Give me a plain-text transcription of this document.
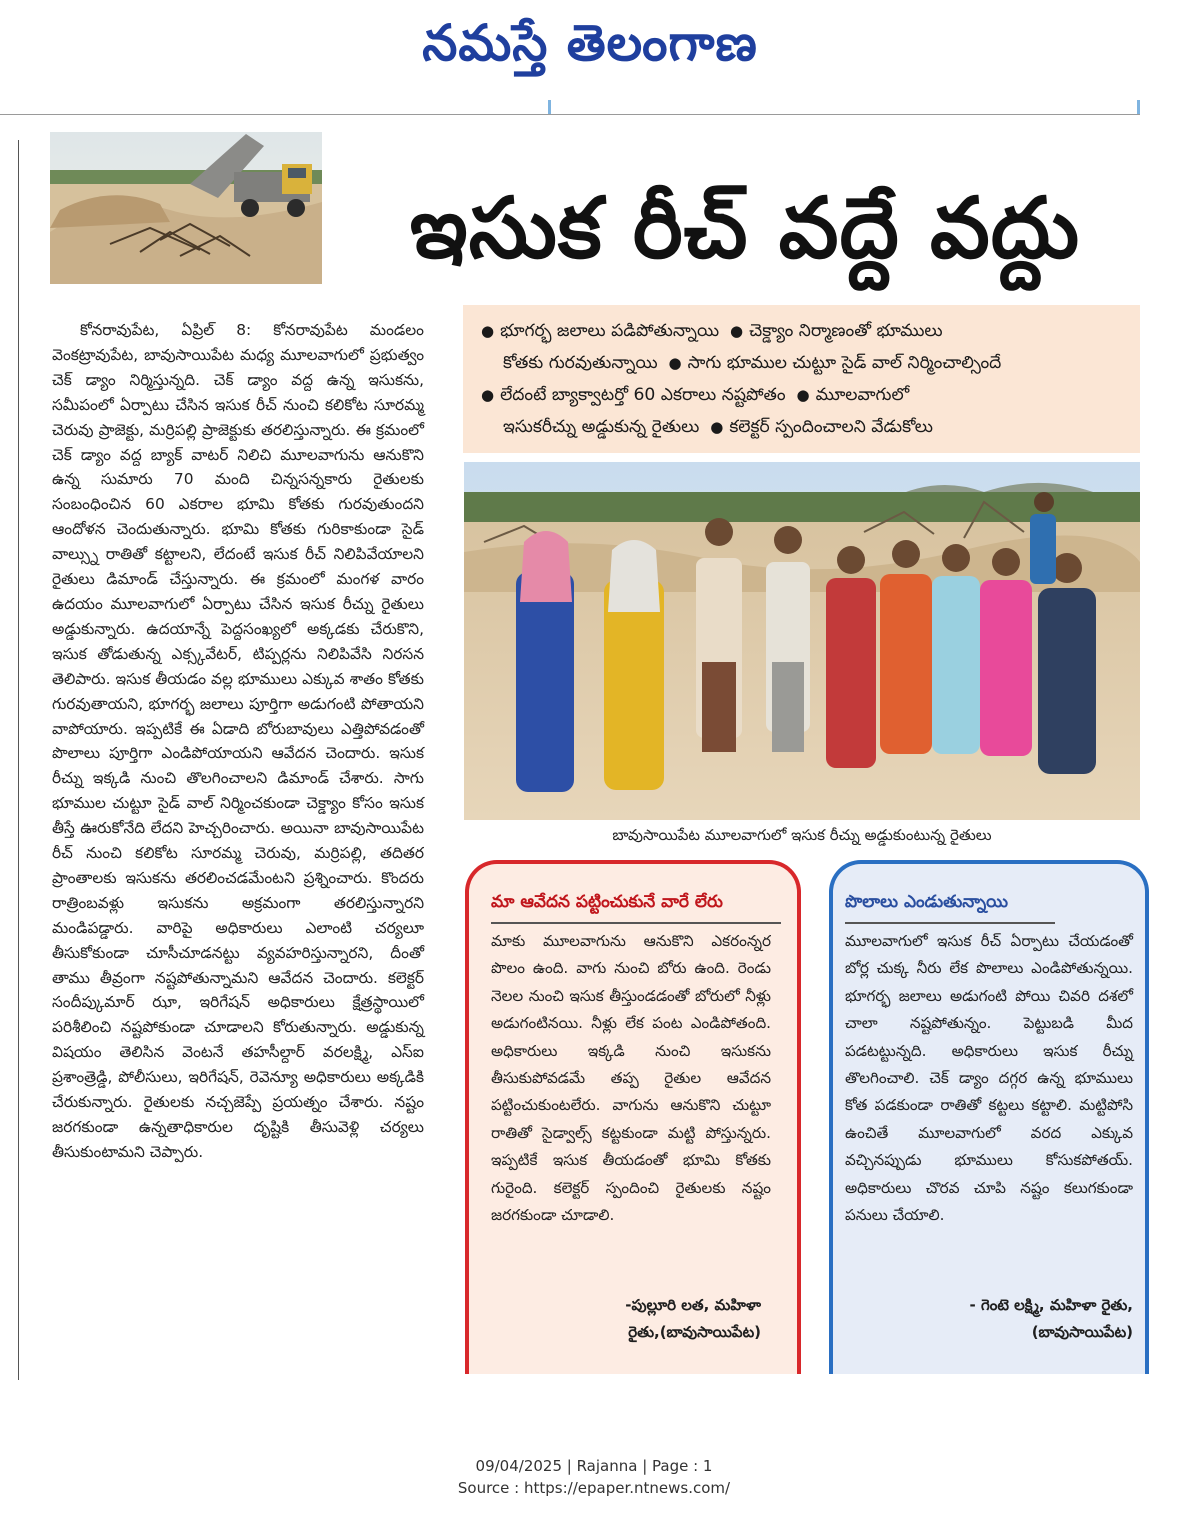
నమస్తే తెలంగాణ
ఇసుక రీచ్ వద్దే వద్దు

కోనరావుపేట, ఏప్రిల్ 8: కోనరావుపేట మండలం వెంకట్రావుపేట, బావుసాయిపేట మధ్య మూలవాగులో ప్రభుత్వం చెక్ డ్యాం నిర్మిస్తున్నది. చెక్ డ్యాం వద్ద ఉన్న ఇసుకను, సమీపంలో ఏర్పాటు చేసిన ఇసుక రీచ్ నుంచి కలికోట సూరమ్మ చెరువు ప్రాజెక్టు, మర్రిపల్లి ప్రాజెక్టుకు తరలిస్తున్నారు. ఈ క్రమంలో చెక్ డ్యాం వద్ద బ్యాక్ వాటర్ నిలిచి మూలవాగును ఆనుకొని ఉన్న సుమారు 70 మంది చిన్నసన్నకారు రైతులకు సంబంధించిన 60 ఎకరాల భూమి కోతకు గురవుతుందని ఆందోళన చెందుతున్నారు. భూమి కోతకు గురికాకుండా సైడ్ వాల్స్ను రాతితో కట్టాలని, లేదంటే ఇసుక రీచ్ నిలిపివేయాలని రైతులు డిమాండ్ చేస్తున్నారు. ఈ క్రమంలో మంగళ వారం ఉదయం మూలవాగులో ఏర్పాటు చేసిన ఇసుక రీచ్ను రైతులు అడ్డుకున్నారు. ఉదయాన్నే పెద్దసంఖ్యలో అక్కడకు చేరుకొని, ఇసుక తోడుతున్న ఎక్స్కవేటర్, టిప్పర్లను నిలిపివేసి నిరసన తెలిపారు. ఇసుక తీయడం వల్ల భూములు ఎక్కువ శాతం కోతకు గురవుతాయని, భూగర్భ జలాలు పూర్తిగా అడుగంటి పోతాయని వాపోయారు. ఇప్పటికే ఈ ఏడాది బోరుబావులు ఎత్తిపోవడంతో పొలాలు పూర్తిగా ఎండిపోయాయని ఆవేదన చెందారు. ఇసుక రీచ్ను ఇక్కడి నుంచి తొలగించాలని డిమాండ్ చేశారు. సాగు భూముల చుట్టూ సైడ్ వాల్ నిర్మించకుండా చెక్డ్యాం కోసం ఇసుక తీస్తే ఊరుకోనేది లేదని హెచ్చరించారు. అయినా బావుసాయిపేట రీచ్ నుంచి కలికోట సూరమ్మ చెరువు, మర్రిపల్లి, తదితర ప్రాంతాలకు ఇసుకను తరలించడమేంటని ప్రశ్నించారు. కొందరు రాత్రింబవళ్లు ఇసుకను అక్రమంగా తరలిస్తున్నారని మండిపడ్డారు. వారిపై అధికారులు ఎలాంటి చర్యలూ తీసుకోకుండా చూసీచూడనట్టు వ్యవహరిస్తున్నారని, దీంతో తాము తీవ్రంగా నష్టపోతున్నామని ఆవేదన చెందారు. కలెక్టర్ సందీప్కుమార్ ఝా, ఇరిగేషన్ అధికారులు క్షేత్రస్థాయిలో పరిశీలించి నష్టపోకుండా చూడాలని కోరుతున్నారు. అడ్డుకున్న విషయం తెలిసిన వెంటనే తహసీల్దార్ వరలక్ష్మి, ఎస్ఐ ప్రశాంత్రెడ్డి, పోలీసులు, ఇరిగేషన్, రెవెన్యూ అధికారులు అక్కడికి చేరుకున్నారు. రైతులకు నచ్చజెప్పే ప్రయత్నం చేశారు. నష్టం జరగకుండా ఉన్నతాధికారుల దృష్టికి తీసువెళ్లి చర్యలు తీసుకుంటామని చెప్పారు.

● భూగర్భ జలాలు పడిపోతున్నాయి ● చెక్డ్యాం నిర్మాణంతో భూములు
కోతకు గురవుతున్నాయి ● సాగు భూముల చుట్టూ సైడ్ వాల్ నిర్మించాల్సిందే
● లేదంటే బ్యాక్వాటర్తో 60 ఎకరాలు నష్టపోతం ● మూలవాగులో
ఇసుకరీచ్ను అడ్డుకున్న రైతులు ● కలెక్టర్ స్పందించాలని వేడుకోలు
బావుసాయిపేట మూలవాగులో ఇసుక రీచ్ను అడ్డుకుంటున్న రైతులు
మా ఆవేదన పట్టించుకునే వారే లేరు
మాకు మూలవాగును ఆనుకొని ఎకరంన్నర పొలం ఉంది. వాగు నుంచి బోరు ఉంది. రెండు నెలల నుంచి ఇసుక తీస్తుండడంతో బోరులో నీళ్లు అడుగంటినయి. నీళ్లు లేక పంట ఎండిపోతంది. అధికారులు ఇక్కడి నుంచి ఇసుకను తీసుకుపోవడమే తప్ప రైతుల ఆవేదన పట్టించుకుంటలేరు. వాగును ఆనుకొని చుట్టూ రాతితో సైడ్వాల్స్ కట్టకుండా మట్టి పోస్తున్నరు. ఇప్పటికే ఇసుక తీయడంతో భూమి కోతకు గురైంది. కలెక్టర్ స్పందించి రైతులకు నష్టం జరగకుండా చూడాలి.
-పుల్లూరి లత, మహిళా
రైతు,(బావుసాయిపేట)
పొలాలు ఎండుతున్నాయి
మూలవాగులో ఇసుక రీచ్ ఏర్పాటు చేయడంతో బోర్ల చుక్క నీరు లేక పొలాలు ఎండిపోతున్నయి. భూగర్భ జలాలు అడుగంటి పోయి చివరి దశలో చాలా నష్టపోతున్నం. పెట్టుబడి మీద పడటట్టున్నది. అధికారులు ఇసుక రీచ్ను తొలగించాలి. చెక్ డ్యాం దగ్గర ఉన్న భూములు కోత పడకుండా రాతితో కట్టలు కట్టాలి. మట్టిపోసి ఉంచితే మూలవాగులో వరద ఎక్కువ వచ్చినప్పుడు భూములు కోసుకపోతయ్. అధికారులు చొరవ చూపి నష్టం కలుగకుండా పనులు చేయాలి.
- గెంటె లక్ష్మి, మహిళా రైతు,
(బావుసాయిపేట)
09/04/2025 | Rajanna | Page : 1
Source : https://epaper.ntnews.com/
